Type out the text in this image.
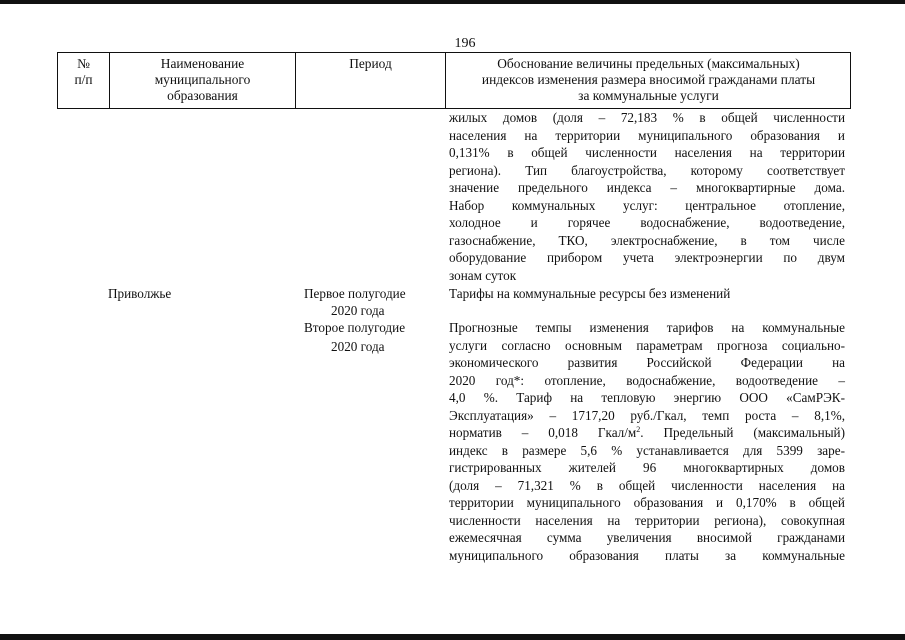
196
№
п/п
Наименование
муниципального
образования
Период	Обоснование величины предельных (максимальных)
индексов изменения размера вносимой гражданами платы
за коммунальные услуги
жилых домов (доля – 72,183 % в общей численности
населения на территории муниципального образования и
0,131% в общей численности населения на территории
региона). Тип благоустройства, которому соответствует
значение предельного индекса – многоквартирные дома.
Набор коммунальных услуг: центральное отопление,
холодное и горячее водоснабжение, водоотведение,
газоснабжение, ТКО, электроснабжение, в том числе
оборудование прибором учета электроэнергии по двум
зонам суток
Приволжье	Первое полугодие
2020 года
Тарифы на коммунальные ресурсы без изменений
Второе полугодие
2020 года
Прогнозные темпы изменения тарифов на коммунальные
услуги согласно основным параметрам прогноза социально-
экономического развития Российской Федерации на
2020 год*: отопление, водоснабжение, водоотведение –
4,0 %. Тариф на тепловую энергию ООО «СамРЭК-
Эксплуатация» – 1717,20 руб./Гкал, темп роста – 8,1%,
норматив – 0,018 Гкал/$м^2$. Предельный (максимальный)
индекс в размере 5,6 % устанавливается для 5399 заре-
гистрированных жителей 96 многоквартирных домов
(доля – 71,321 % в общей численности населения на
территории муниципального образования и 0,170% в общей
численности населения на территории региона), совокупная
ежемесячная сумма увеличения вносимой гражданами
муниципального образования платы за коммунальные
